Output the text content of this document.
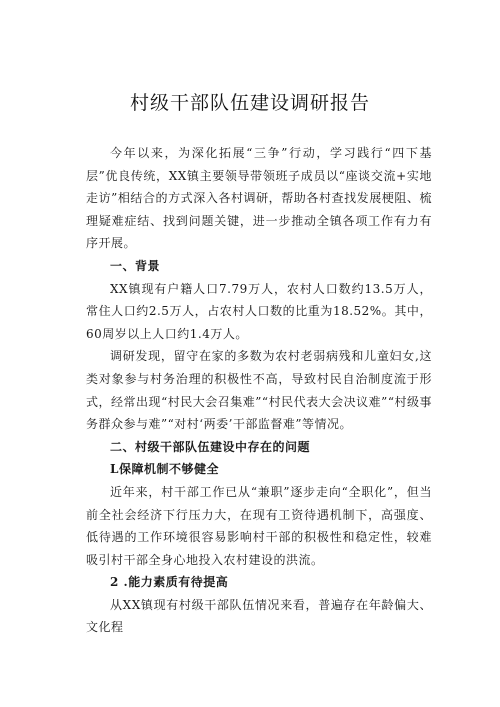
村级干部队伍建设调研报告

今年以来，为深化拓展“三争”行动，学习践行“四下基层”优良传统，XX镇主要领导带领班子成员以“座谈交流+实地走访”相结合的方式深入各村调研，帮助各村查找发展梗阻、梳理疑难症结、找到问题关键，进一步推动全镇各项工作有力有序开展。

一、背景

XX镇现有户籍人口7.79万人，农村人口数约13.5万人，常住人口约2.5万人，占农村人口数的比重为18.52%。其中，60周岁以上人口约1.4万人。

调研发现，留守在家的多数为农村老弱病残和儿童妇女,这类对象参与村务治理的积极性不高，导致村民自治制度流于形式，经常出现“村民大会召集难”“村民代表大会决议难”“村级事务群众参与难”“对村‘两委’干部监督难”等情况。

二、村级干部队伍建设中存在的问题

L保障机制不够健全

近年来，村干部工作已从“兼职”逐步走向“全职化”，但当前全社会经济下行压力大，在现有工资待遇机制下，高强度、低待遇的工作环境很容易影响村干部的积极性和稳定性，较难吸引村干部全身心地投入农村建设的洪流。

2 .能力素质有待提高

从XX镇现有村级干部队伍情况来看，普遍存在年龄偏大、文化程
